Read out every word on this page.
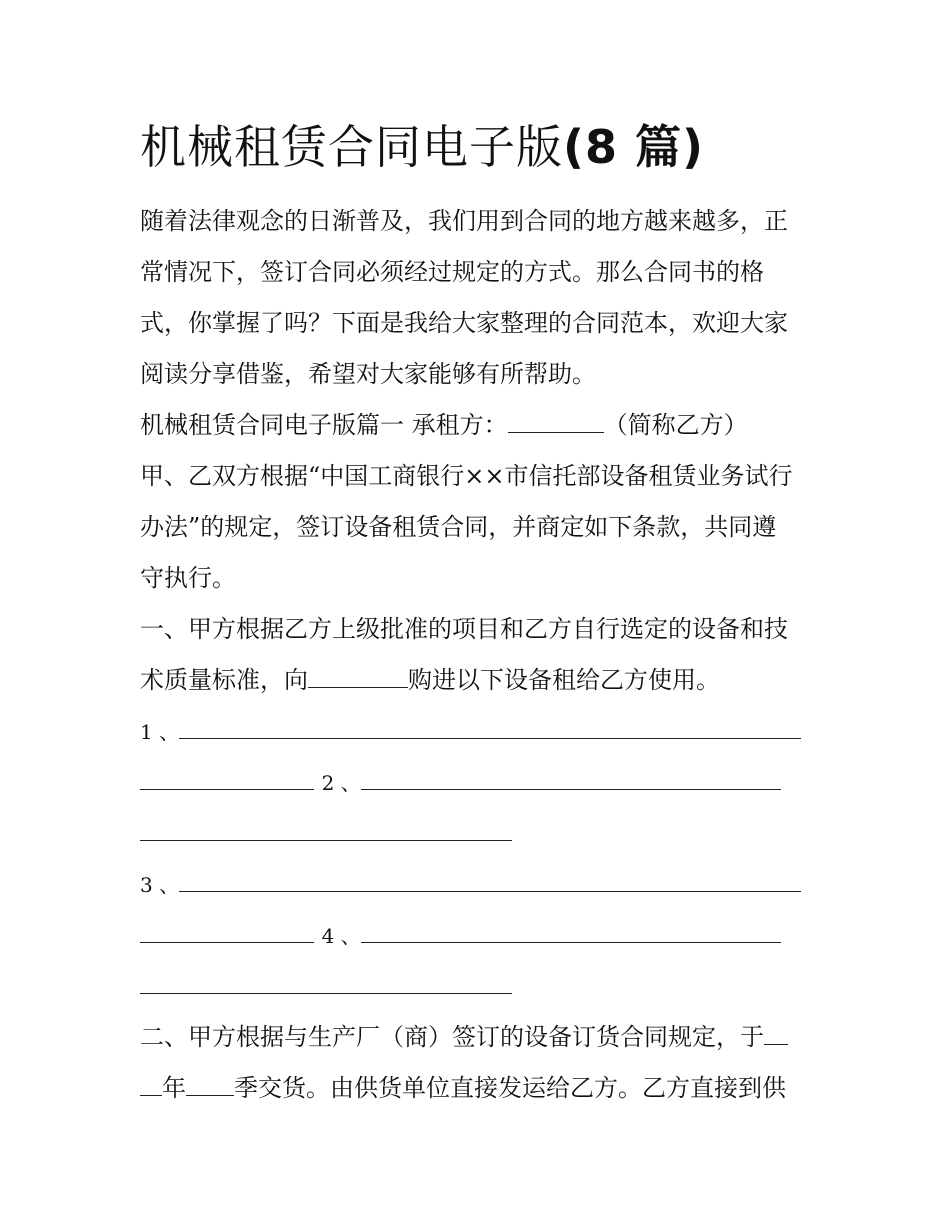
机械租赁合同电子版(8 篇)
随着法律观念的日渐普及，我们用到合同的地方越来越多，正
常情况下，签订合同必须经过规定的方式。那么合同书的格
式，你掌握了吗？下面是我给大家整理的合同范本，欢迎大家
阅读分享借鉴，希望对大家能够有所帮助。
机械租赁合同电子版篇一 承租方：	（简称乙方）
甲、乙双方根据“中国工商银行××市信托部设备租赁业务试行
办法”的规定，签订设备租赁合同，并商定如下条款，共同遵
守执行。
一、甲方根据乙方上级批准的项目和乙方自行选定的设备和技
术质量标准，向	购进以下设备租给乙方使用。
1 、
2 、
3 、
4 、
二、甲方根据与生产厂（商）签订的设备订货合同规定，于
年 季交货。由供货单位直接发运给乙方。乙方直接到供
